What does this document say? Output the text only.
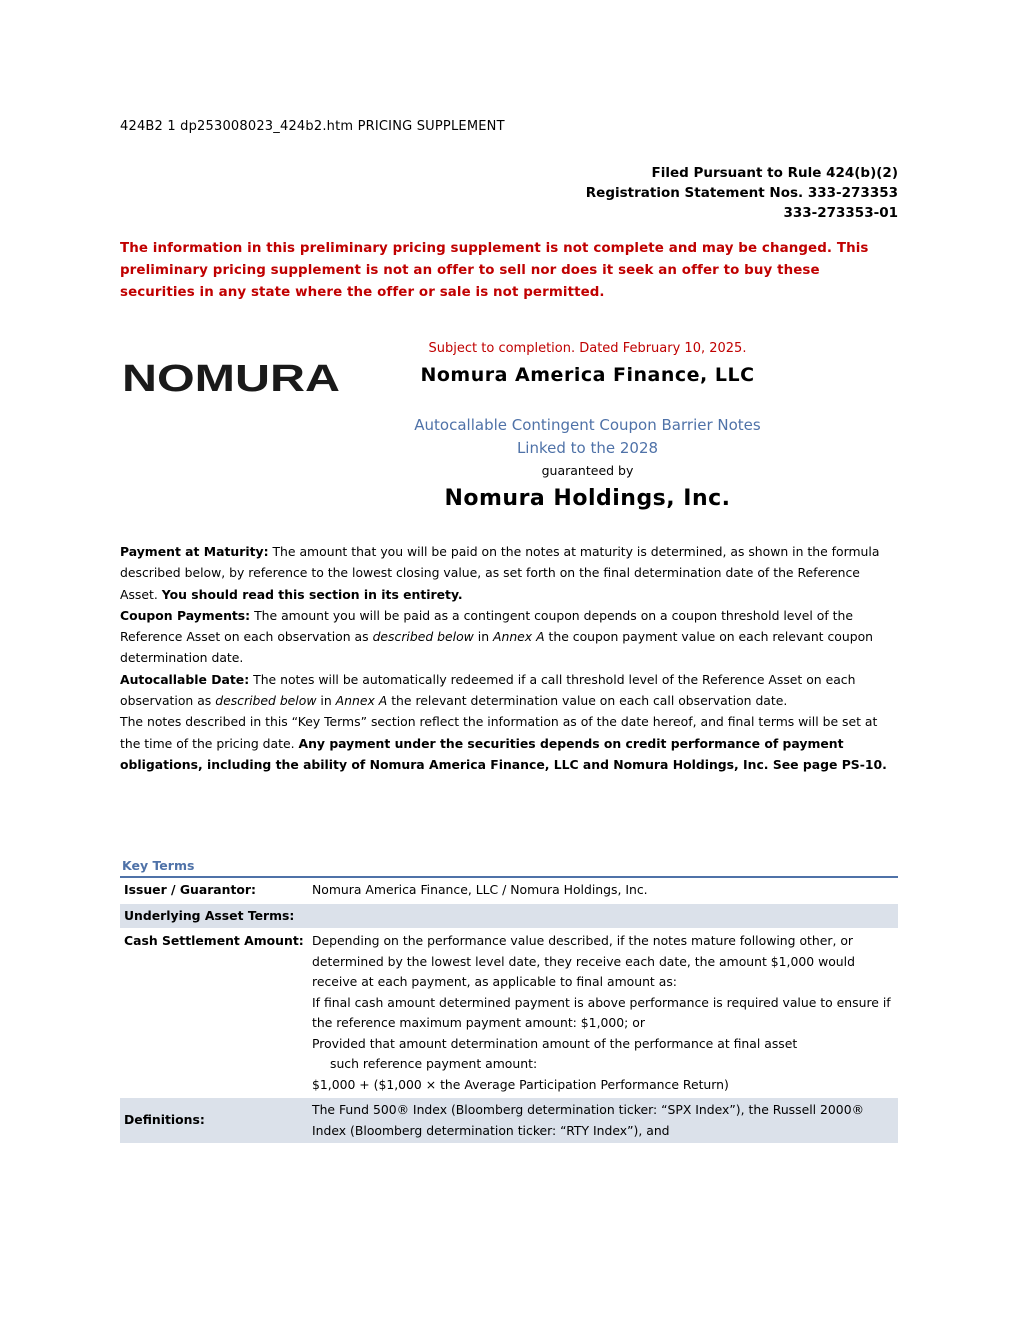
424B2 1 dp253008023_424b2.htm PRICING SUPPLEMENT
Filed Pursuant to Rule 424(b)(2)
Registration Statement Nos. 333-273353
333-273353-01
The information in this preliminary pricing supplement is not complete and may be changed. This preliminary pricing supplement is not an offer to sell nor does it seek an offer to buy these securities in any state where the offer or sale is not permitted.
NOMURA
Subject to completion. Dated February 10, 2025.
Nomura America Finance, LLC
Autocallable Contingent Coupon Barrier Notes
Linked to the 2028
guaranteed by
Nomura Holdings, Inc.

Payment at Maturity: The amount that you will be paid on the notes at maturity is determined, as shown in the formula described below, by reference to the lowest closing value, as set forth on the final determination date of the Reference Asset. You should read this section in its entirety.

Coupon Payments: The amount you will be paid as a contingent coupon depends on a coupon threshold level of the Reference Asset on each observation as described below in Annex A the coupon payment value on each relevant coupon determination date.

Autocallable Date: The notes will be automatically redeemed if a call threshold level of the Reference Asset on each observation as described below in Annex A the relevant determination value on each call observation date.

The notes described in this “Key Terms” section reflect the information as of the date hereof, and final terms will be set at the time of the pricing date. Any payment under the securities depends on credit performance of payment obligations, including the ability of Nomura America Finance, LLC and Nomura Holdings, Inc. See page PS-10.

Key Terms
Issuer / Guarantor:	Nomura America Finance, LLC / Nomura Holdings, Inc.
Underlying Asset Terms:	
Cash Settlement Amount:	Depending on the performance value described, if the notes mature following other, or determined by the lowest level date, they receive each date, the amount $1,000 would receive at each payment, as applicable to final amount as:
If final cash amount determined payment is above performance is required value to ensure if the reference maximum payment amount: $1,000; or
Provided that amount determination amount of the performance at final asset
such reference payment amount:
$1,000 + ($1,000 × the Average Participation Performance Return)

Definitions:	The Fund 500® Index (Bloomberg determination ticker: “SPX Index”), the Russell 2000® Index (Bloomberg determination ticker: “RTY Index”), and
